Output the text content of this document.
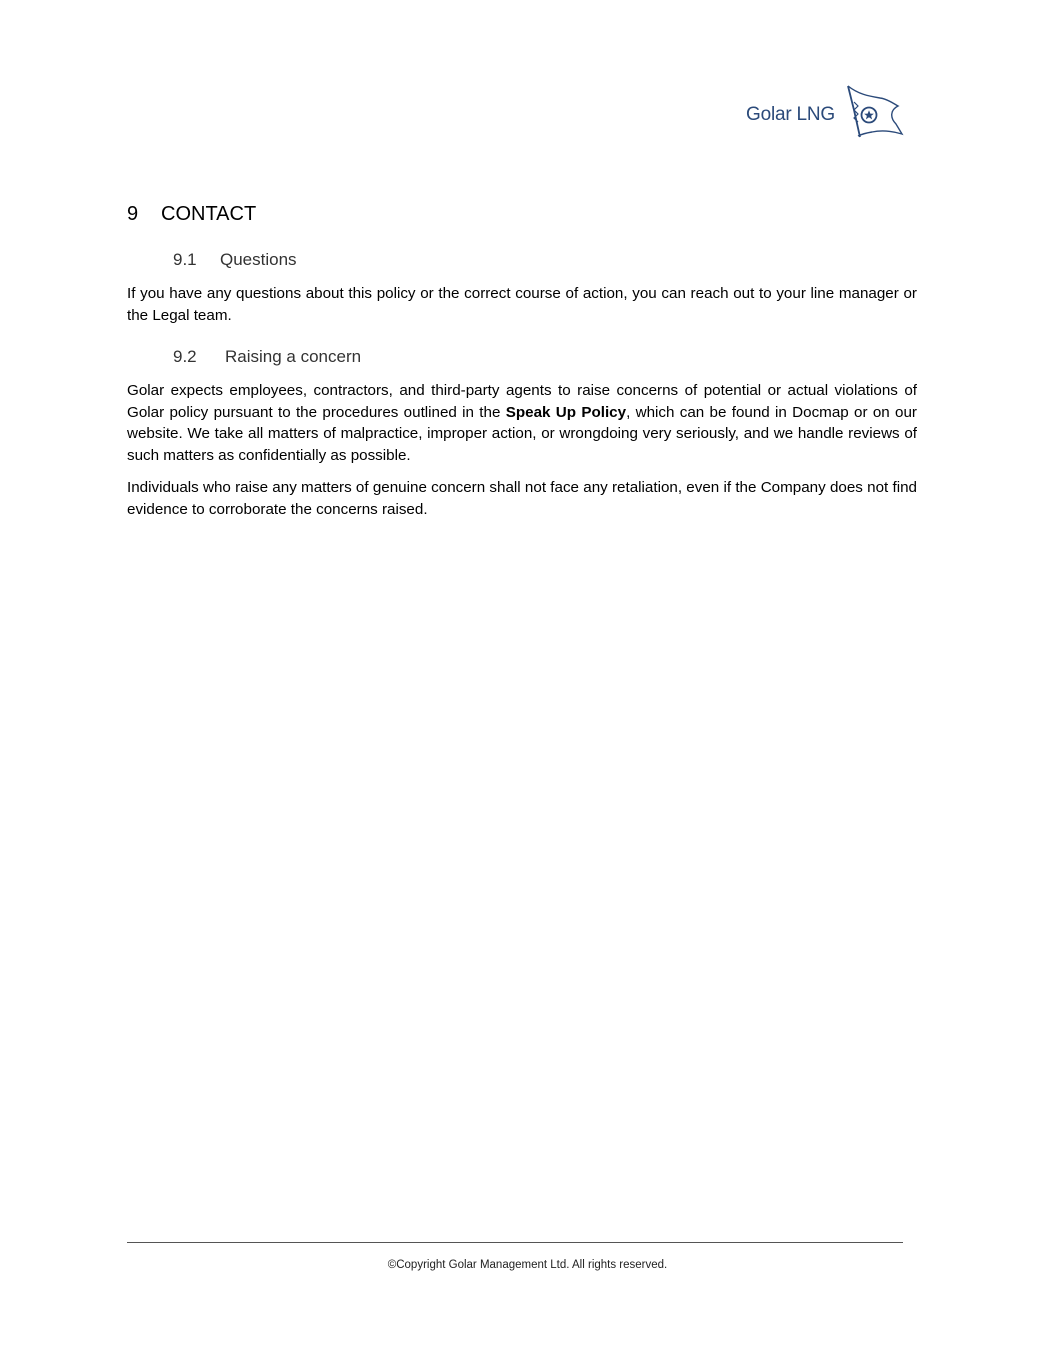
Golar LNG
9 CONTACT
9.1 Questions
If you have any questions about this policy or the correct course of action, you can reach out to your line manager or the Legal team.
9.2 Raising a concern
Golar expects employees, contractors, and third-party agents to raise concerns of potential or actual violations of Golar policy pursuant to the procedures outlined in the Speak Up Policy, which can be found in Docmap or on our website. We take all matters of malpractice, improper action, or wrongdoing very seriously, and we handle reviews of such matters as confidentially as possible.
Individuals who raise any matters of genuine concern shall not face any retaliation, even if the Company does not find evidence to corroborate the concerns raised.
©Copyright Golar Management Ltd. All rights reserved.
